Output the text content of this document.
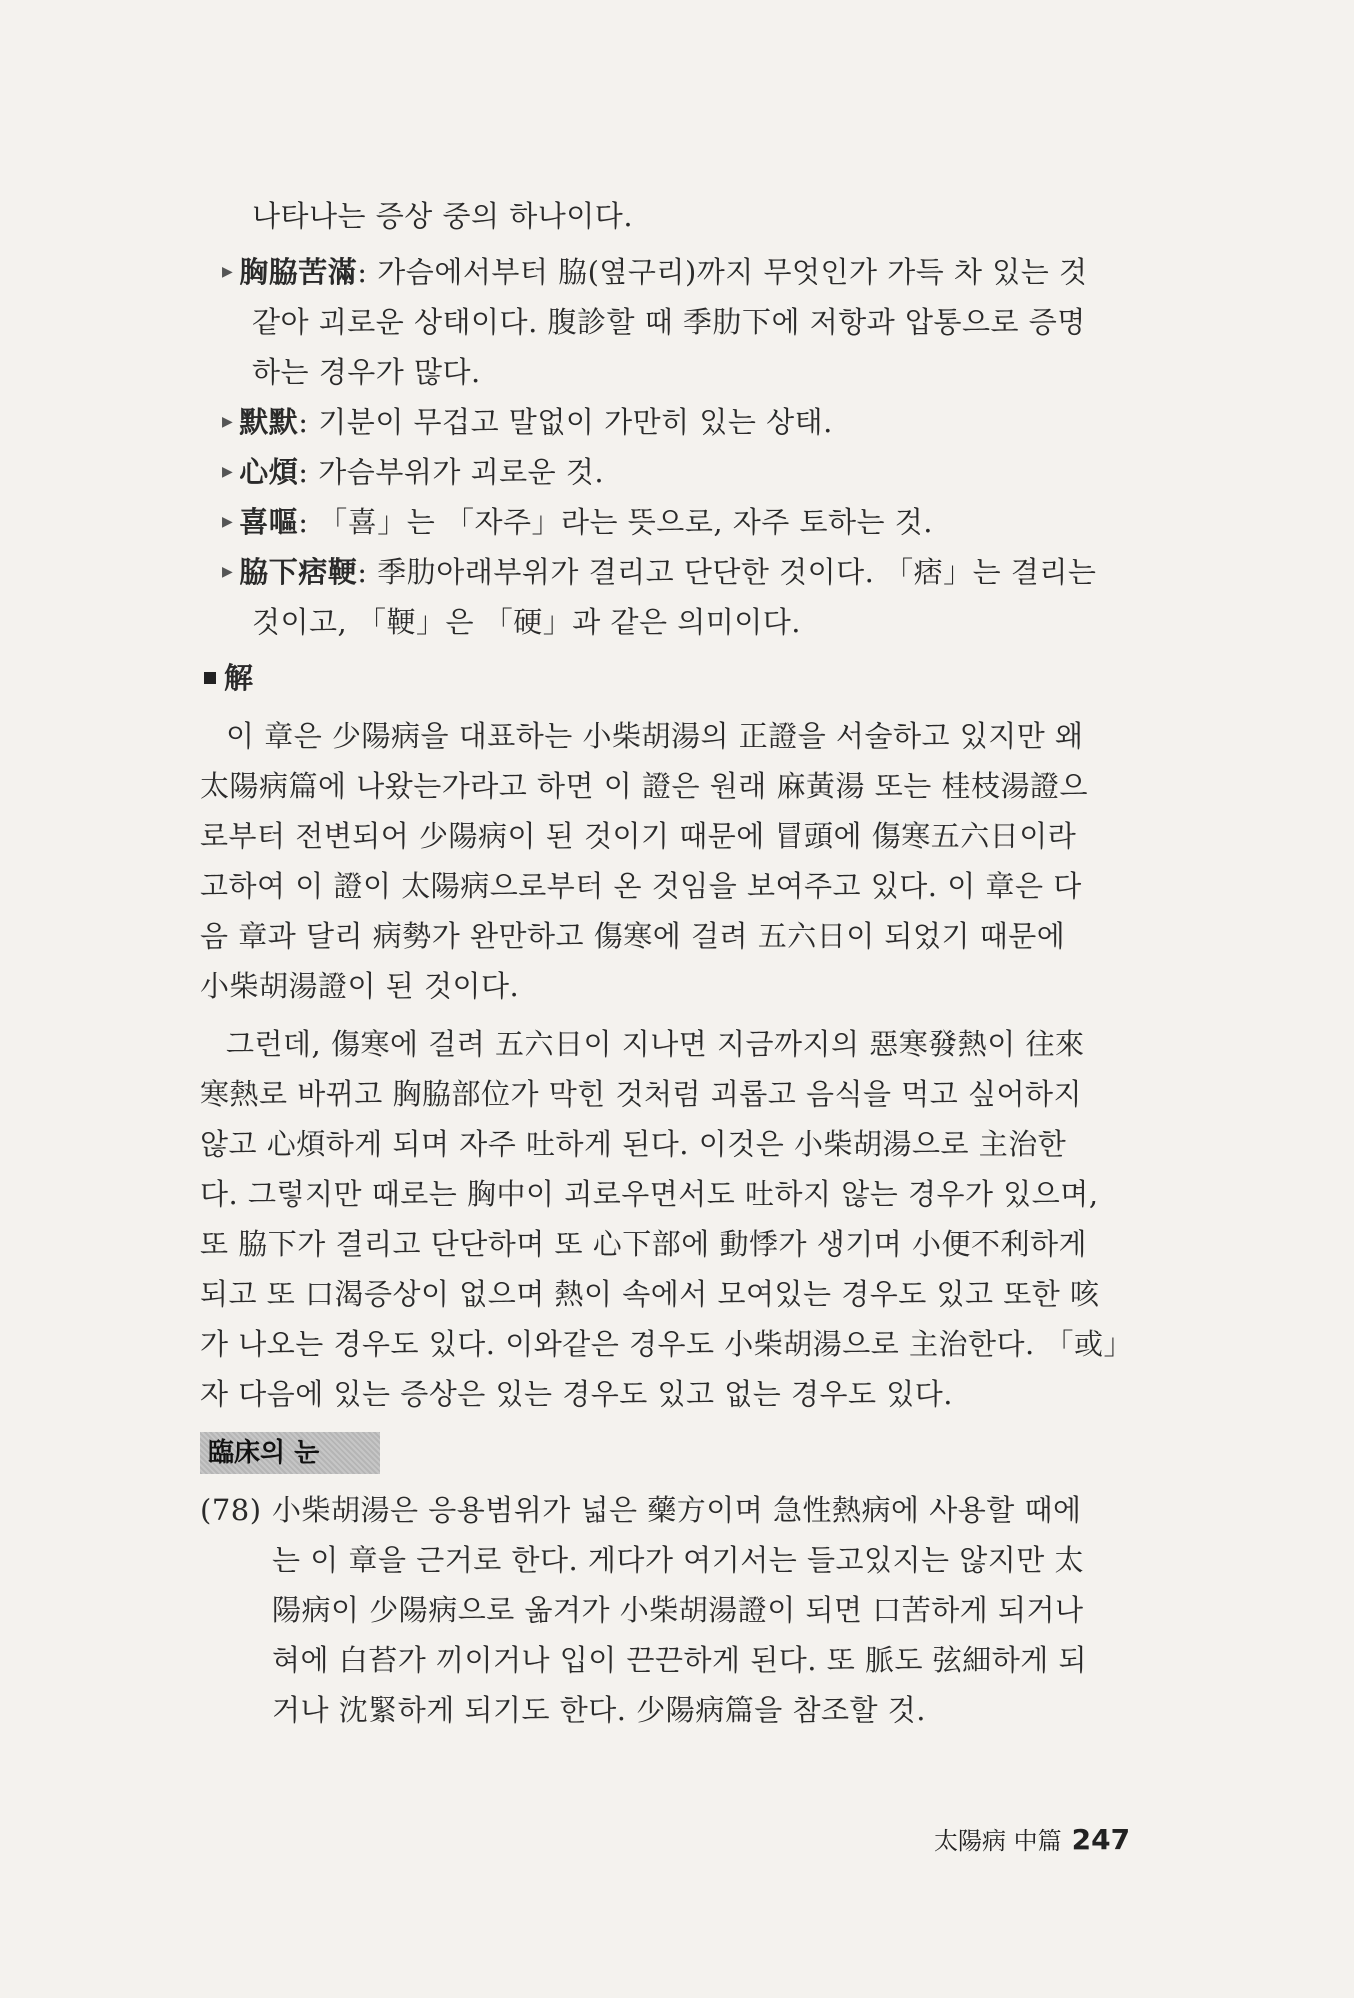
나타나는 증상 중의 하나이다.
▶ 胸脇苦滿: 가슴에서부터 脇(옆구리)까지 무엇인가 가득 차 있는 것
같아 괴로운 상태이다. 腹診할 때 季肋下에 저항과 압통으로 증명
하는 경우가 많다.
▶ 默默: 기분이 무겁고 말없이 가만히 있는 상태.
▶ 心煩: 가슴부위가 괴로운 것.
▶ 喜嘔: 「喜」는 「자주」라는 뜻으로, 자주 토하는 것.
▶ 脇下痞鞕: 季肋아래부위가 결리고 단단한 것이다. 「痞」는 결리는
것이고, 「鞕」은 「硬」과 같은 의미이다.
解
이 章은 少陽病을 대표하는 小柴胡湯의 正證을 서술하고 있지만 왜
太陽病篇에 나왔는가라고 하면 이 證은 원래 麻黃湯 또는 桂枝湯證으
로부터 전변되어 少陽病이 된 것이기 때문에 冒頭에 傷寒五六日이라
고하여 이 證이 太陽病으로부터 온 것임을 보여주고 있다. 이 章은 다
음 章과 달리 病勢가 완만하고 傷寒에 걸려 五六日이 되었기 때문에
小柴胡湯證이 된 것이다.
그런데, 傷寒에 걸려 五六日이 지나면 지금까지의 惡寒發熱이 往來
寒熱로 바뀌고 胸脇部位가 막힌 것처럼 괴롭고 음식을 먹고 싶어하지
않고 心煩하게 되며 자주 吐하게 된다. 이것은 小柴胡湯으로 主治한
다. 그렇지만 때로는 胸中이 괴로우면서도 吐하지 않는 경우가 있으며,
또 脇下가 결리고 단단하며 또 心下部에 動悸가 생기며 小便不利하게
되고 또 口渴증상이 없으며 熱이 속에서 모여있는 경우도 있고 또한 咳
가 나오는 경우도 있다. 이와같은 경우도 小柴胡湯으로 主治한다. 「或」
자 다음에 있는 증상은 있는 경우도 있고 없는 경우도 있다.
臨床의 눈
(78) 小柴胡湯은 응용범위가 넓은 藥方이며 急性熱病에 사용할 때에
는 이 章을 근거로 한다. 게다가 여기서는 들고있지는 않지만 太
陽病이 少陽病으로 옮겨가 小柴胡湯證이 되면 口苦하게 되거나
혀에 白苔가 끼이거나 입이 끈끈하게 된다. 또 脈도 弦細하게 되
거나 沈緊하게 되기도 한다. 少陽病篇을 참조할 것.
太陽病 中篇 247
